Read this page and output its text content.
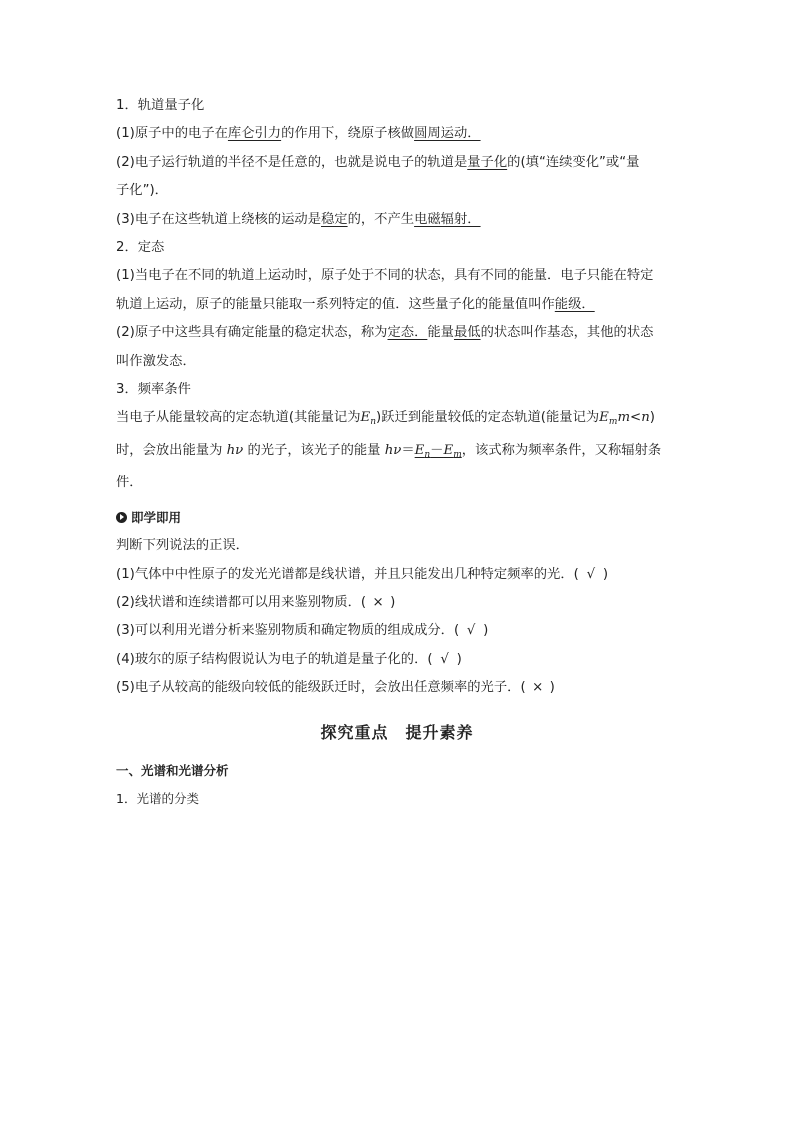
1．轨道量子化
(1)原子中的电子在库仑引力的作用下，绕原子核做圆周运动．
(2)电子运行轨道的半径不是任意的，也就是说电子的轨道是量子化的(填“连续变化”或“量
子化”)．
(3)电子在这些轨道上绕核的运动是稳定的，不产生电磁辐射．
2．定态
(1)当电子在不同的轨道上运动时，原子处于不同的状态，具有不同的能量．电子只能在特定
轨道上运动，原子的能量只能取一系列特定的值．这些量子化的能量值叫作能级．
(2)原子中这些具有确定能量的稳定状态，称为定态．能量最低的状态叫作基态，其他的状态
叫作激发态．
3．频率条件
当电子从能量较高的定态轨道(其能量记为$E_n$)跃迁到能量较低的定态轨道(能量记为$E_mm<n$)
时，会放出能量为 hν 的光子，该光子的能量 $h\nu=E_n-E_m$，该式称为频率条件，又称辐射条
件．
即学即用
判断下列说法的正误．
(1)气体中中性原子的发光光谱都是线状谱，并且只能发出几种特定频率的光．( √ )
(2)线状谱和连续谱都可以用来鉴别物质．( × )
(3)可以利用光谱分析来鉴别物质和确定物质的组成成分．( √ )
(4)玻尔的原子结构假说认为电子的轨道是量子化的．( √ )
(5)电子从较高的能级向较低的能级跃迁时，会放出任意频率的光子．( × )
探究重点　提升素养
一、光谱和光谱分析
1．光谱的分类
